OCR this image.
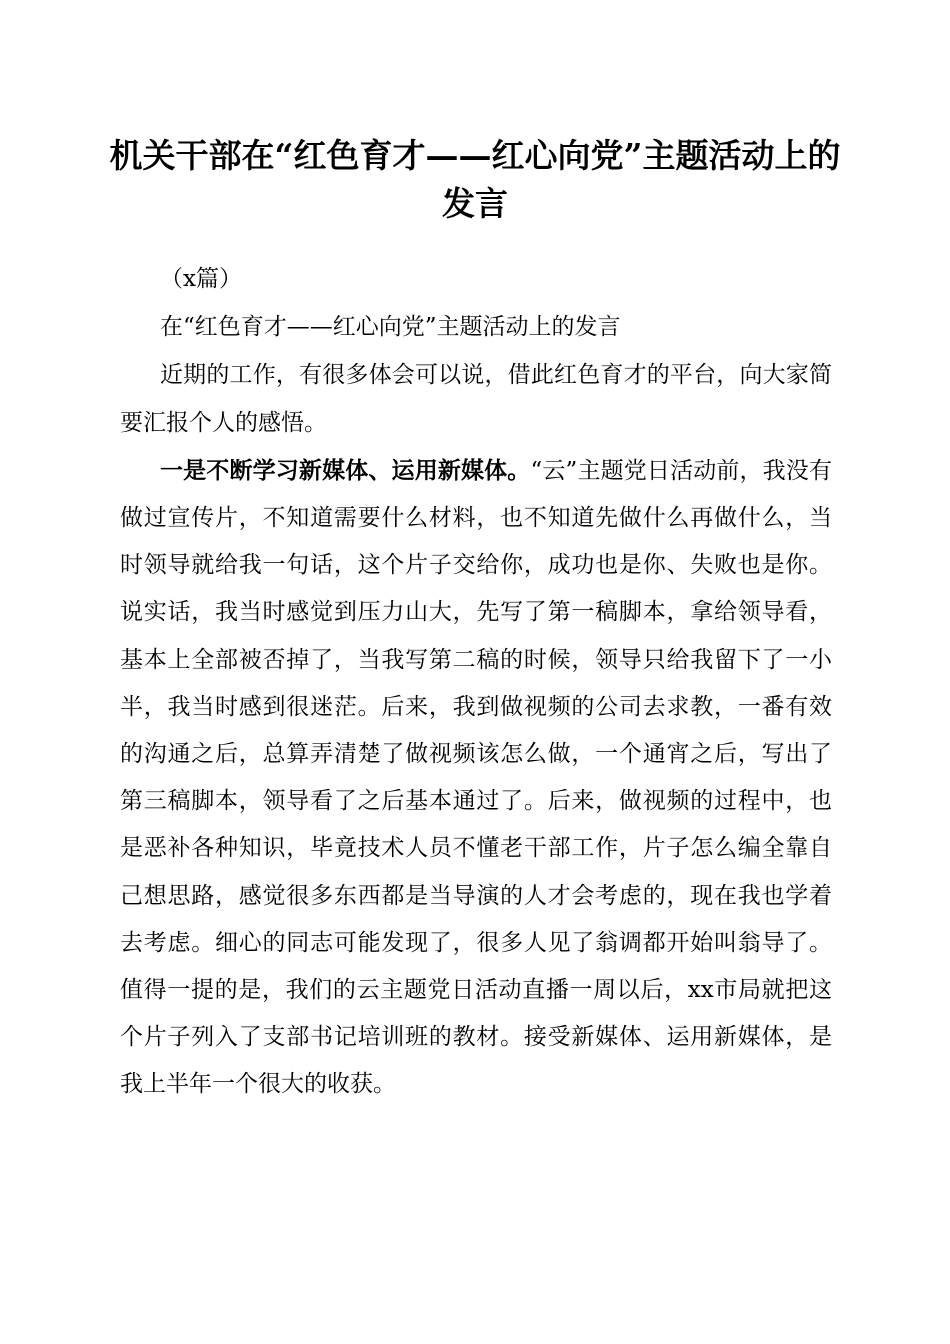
机关干部在“红色育才——红心向党”主题活动上的发言

（x篇）

在“红色育才——红心向党”主题活动上的发言

近期的工作，有很多体会可以说，借此红色育才的平台，向大家简要汇报个人的感悟。

一是不断学习新媒体、运用新媒体。“云”主题党日活动前，我没有做过宣传片，不知道需要什么材料，也不知道先做什么再做什么，当时领导就给我一句话，这个片子交给你，成功也是你、失败也是你。说实话，我当时感觉到压力山大，先写了第一稿脚本，拿给领导看，基本上全部被否掉了，当我写第二稿的时候，领导只给我留下了一小半，我当时感到很迷茫。后来，我到做视频的公司去求教，一番有效的沟通之后，总算弄清楚了做视频该怎么做，一个通宵之后，写出了第三稿脚本，领导看了之后基本通过了。后来，做视频的过程中，也是恶补各种知识，毕竟技术人员不懂老干部工作，片子怎么编全靠自己想思路，感觉很多东西都是当导演的人才会考虑的，现在我也学着去考虑。细心的同志可能发现了，很多人见了翁调都开始叫翁导了。值得一提的是，我们的云主题党日活动直播一周以后，xx市局就把这个片子列入了支部书记培训班的教材。接受新媒体、运用新媒体，是我上半年一个很大的收获。
